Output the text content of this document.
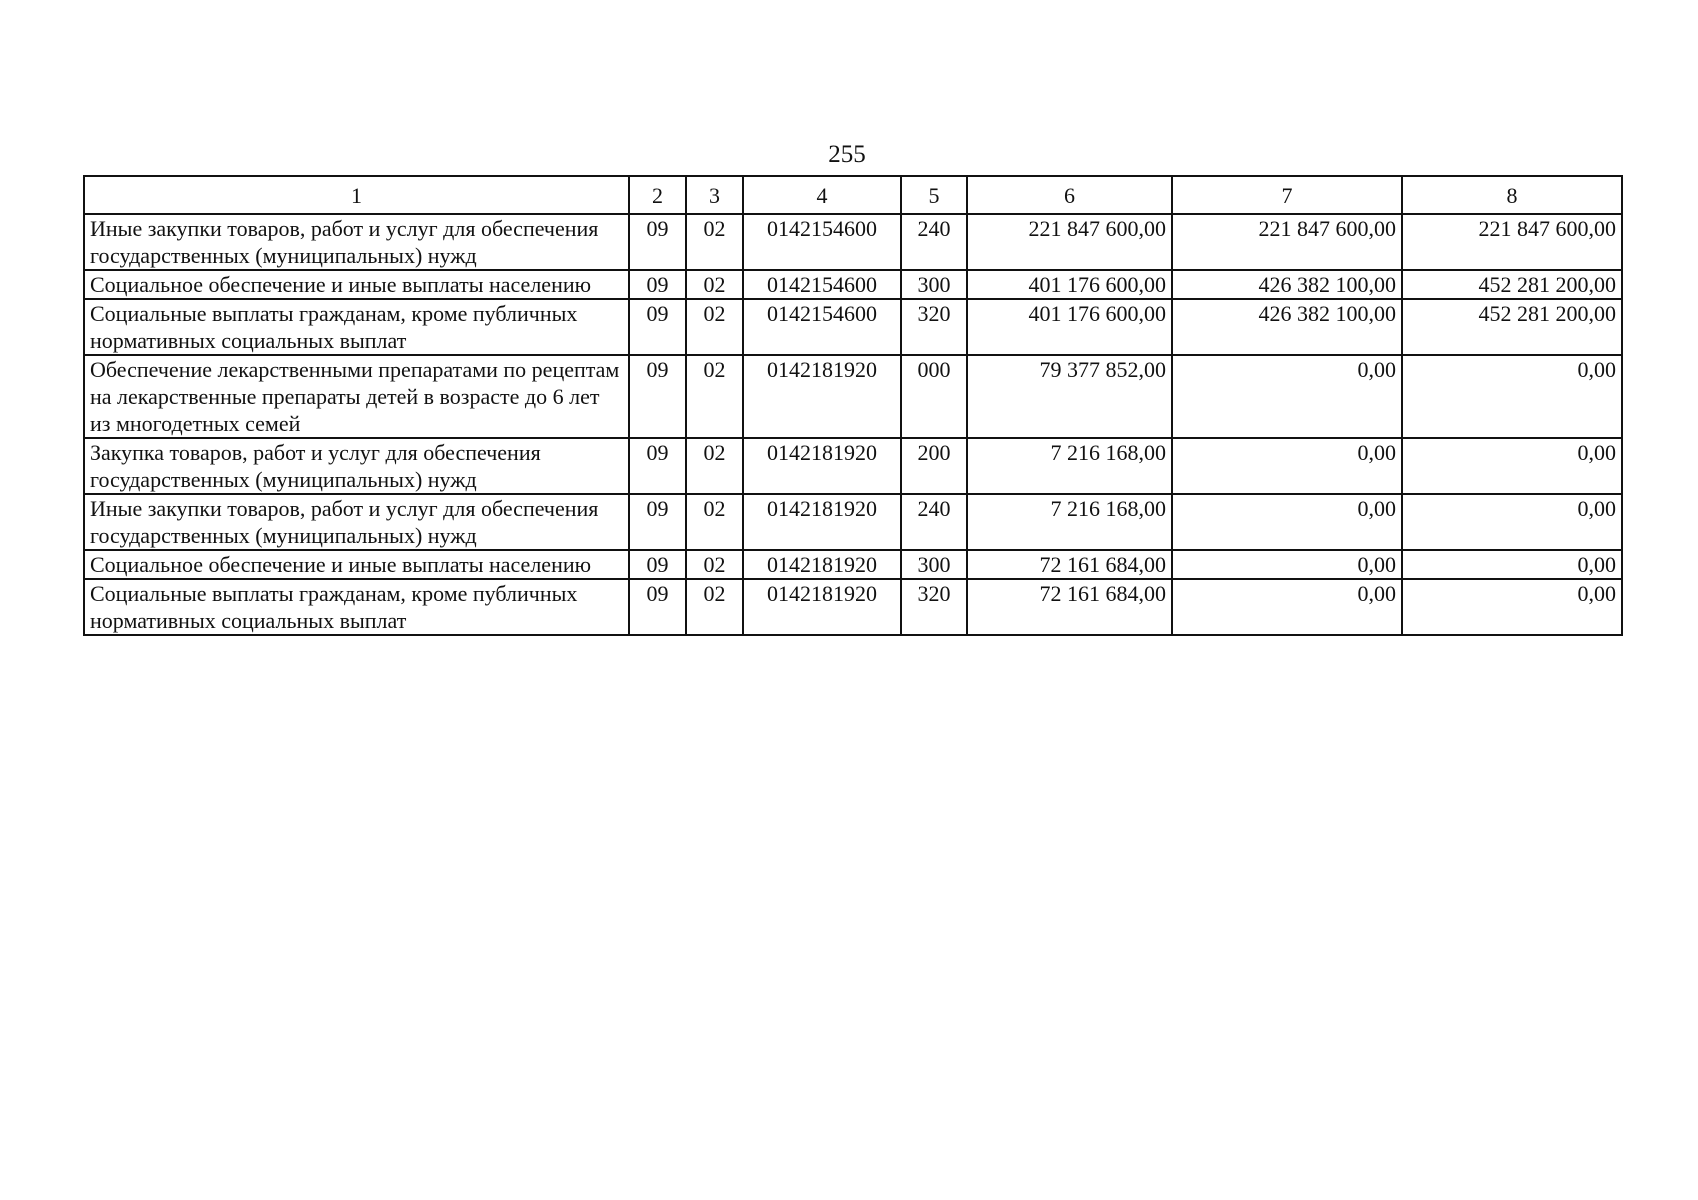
255
1	2	3	4	5	6	7	8
Иные закупки товаров, работ и услуг для обеспечения государственных (муниципальных) нужд	09	02	0142154600	240	221 847 600,00	221 847 600,00	221 847 600,00
Социальное обеспечение и иные выплаты населению	09	02	0142154600	300	401 176 600,00	426 382 100,00	452 281 200,00
Социальные выплаты гражданам, кроме публичных нормативных социальных выплат	09	02	0142154600	320	401 176 600,00	426 382 100,00	452 281 200,00
Обеспечение лекарственными препаратами по рецептам на лекарственные препараты детей в возрасте до 6 лет из многодетных семей	09	02	0142181920	000	79 377 852,00	0,00	0,00
Закупка товаров, работ и услуг для обеспечения государственных (муниципальных) нужд	09	02	0142181920	200	7 216 168,00	0,00	0,00
Иные закупки товаров, работ и услуг для обеспечения государственных (муниципальных) нужд	09	02	0142181920	240	7 216 168,00	0,00	0,00
Социальное обеспечение и иные выплаты населению	09	02	0142181920	300	72 161 684,00	0,00	0,00
Социальные выплаты гражданам, кроме публичных нормативных социальных выплат	09	02	0142181920	320	72 161 684,00	0,00	0,00
